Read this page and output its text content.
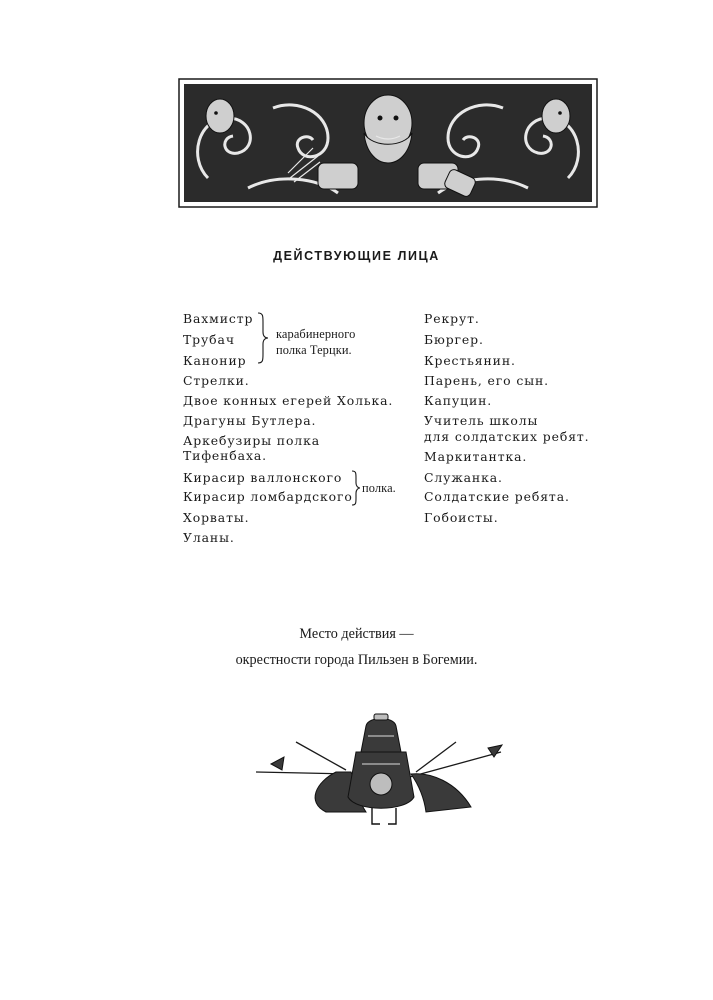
ДЕЙСТВУЮЩИЕ ЛИЦА
Вахмистр
Трубач
Канонир
карабинерного
полка Терцки.
Стрелки.
Двое конных егерей Холька.
Драгуны Бутлера.
Аркебузиры полка
Тифенбаха.
Кирасир валлонского
Кирасир ломбардского
полка.
Хорваты.
Уланы.
Рекрут.
Бюргер.
Крестьянин.
Парень, его сын.
Капуцин.
Учитель школы
для солдатских ребят.
Маркитантка.
Служанка.
Солдатские ребята.
Гобоисты.
Место действия —
окрестности города Пильзен в Богемии.
